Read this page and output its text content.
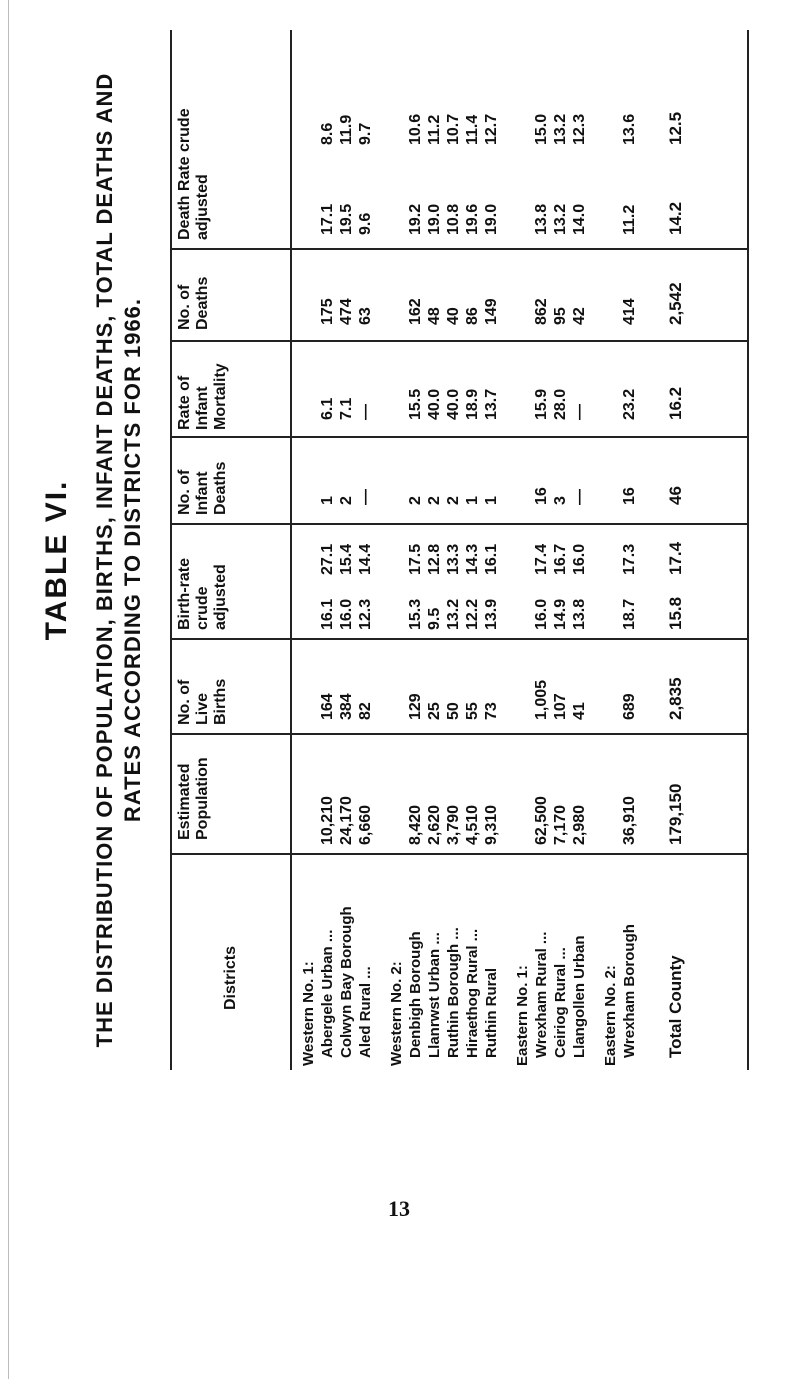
TABLE VI. THE DISTRIBUTION OF POPULATION, BIRTHS, INFANT DEATHS, TOTAL DEATHS AND RATES ACCORDING TO DISTRICTS FOR 1966.
Districts
Estimated Population
No. of Live Births
Birth-rate crude adjusted
No. of Infant Deaths
Rate of Infant Mortality
No. of Deaths
Death Rate crude adjusted
Western No. 1: Abergele Urban ...
10,210
164
16.1
27.1
1
6.1
175
17.1
8.6
Colwyn Bay Borough
24,170
384
16.0
15.4
2
7.1
474
19.5
11.9
Aled Rural ...
6,660
82
12.3
14.4
—
—
63
9.6
9.7
Western No. 2: Denbigh Borough
8,420
129
15.3
17.5
2
15.5
162
19.2
10.6
Llanrwst Urban ...
2,620
25
9.5
12.8
2
40.0
48
19.0
11.2
Ruthin Borough ...
3,790
50
13.2
13.3
2
40.0
40
10.8
10.7
Hiraethog Rural ...
4,510
55
12.2
14.3
1
18.9
86
19.6
11.4
Ruthin Rural
9,310
73
13.9
16.1
1
13.7
149
19.0
12.7
Eastern No. 1: Wrexham Rural ...
62,500
1,005
16.0
17.4
16
15.9
862
13.8
15.0
Ceiriog Rural ...
7,170
107
14.9
16.7
3
28.0
95
13.2
13.2
Llangollen Urban
2,980
41
13.8
16.0
—
—
42
14.0
12.3
Eastern No. 2: Wrexham Borough
36,910
689
18.7
17.3
16
23.2
414
11.2
13.6
Total County
179,150
2,835
15.8
17.4
46
16.2
2,542
14.2
12.5
13
